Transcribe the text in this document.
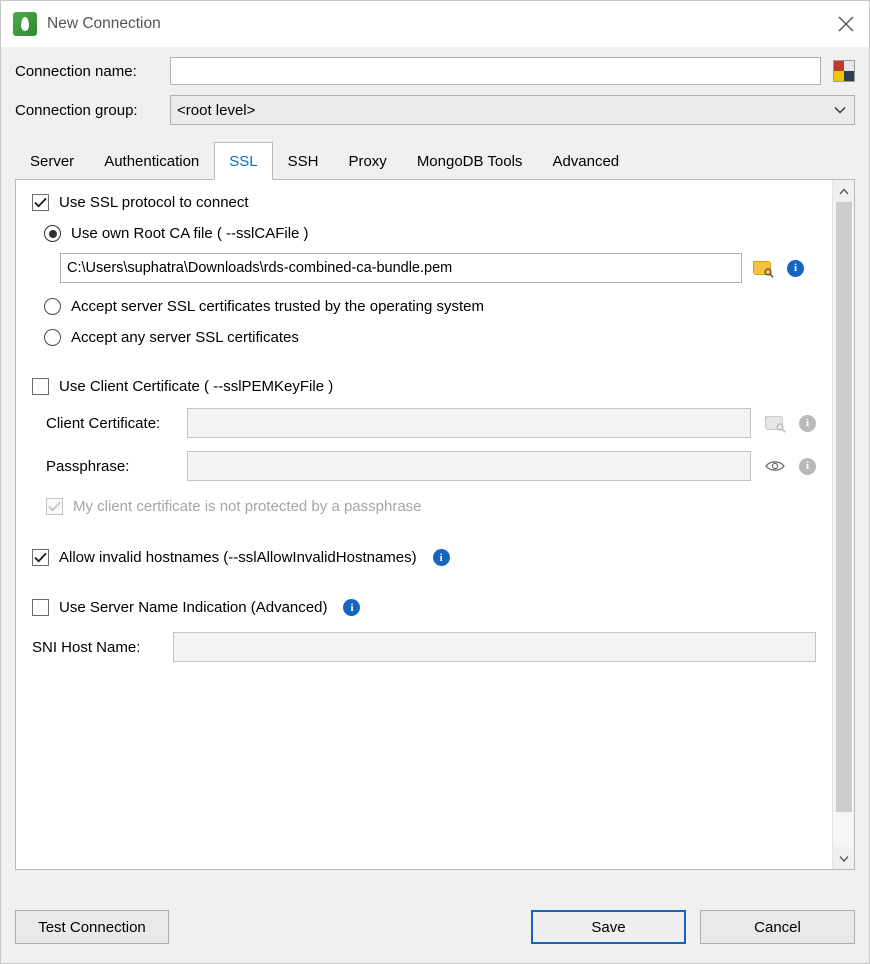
New Connection
Connection name:
Connection group:	<root level>
Server	Authentication	SSL	SSH	Proxy	MongoDB Tools	Advanced
Use SSL protocol to connect
Use own Root CA file ( --sslCAFile )
C:\Users\suphatra\Downloads\rds-combined-ca-bundle.pem
i
Accept server SSL certificates trusted by the operating system
Accept any server SSL certificates
Use Client Certificate ( --sslPEMKeyFile )
Client Certificate:	i
Passphrase:	i
My client certificate is not protected by a passphrase
Allow invalid hostnames (--sslAllowInvalidHostnames)	i
Use Server Name Indication (Advanced)	i
SNI Host Name:
Test Connection	Save	Cancel
